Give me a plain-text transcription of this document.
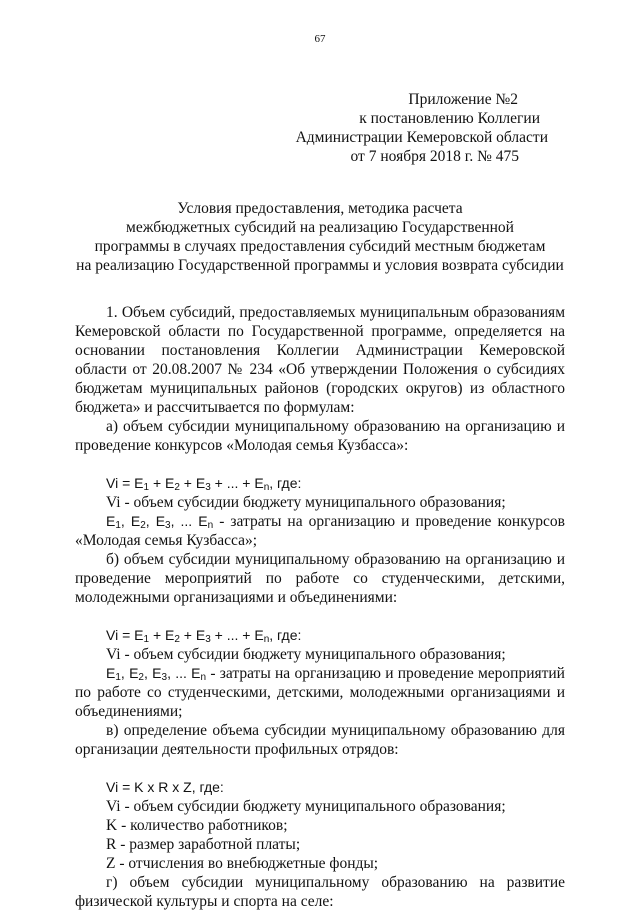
67
Приложение №2
к постановлению Коллегии
Администрации Кемеровской области
от 7 ноября 2018 г. № 475
Условия предоставления, методика расчета
межбюджетных субсидий на реализацию Государственной
программы в случаях предоставления субсидий местным бюджетам
на реализацию Государственной программы и условия возврата субсидии

1. Объем субсидий, предоставляемых муниципальным образованиям Кемеровской области по Государственной программе, определяется на основании постановления Коллегии Администрации Кемеровской области от 20.08.2007 № 234 «Об утверждении Положения о субсидиях бюджетам муниципальных районов (городских округов) из областного бюджета» и рассчитывается по формулам:

а) объем субсидии муниципальному образованию на организацию и проведение конкурсов «Молодая семья Кузбасса»:

$Vi = E_1 + E_2 + E_3$ + ... + $E_n$, где:

Vi - объем субсидии бюджету муниципального образования;

$E_1$, $E_2$, $E_3$, ... $E_n$ - затраты на организацию и проведение конкурсов «Молодая семья Кузбасса»;

б) объем субсидии муниципальному образованию на организацию и проведение мероприятий по работе со студенческими, детскими, молодежными организациями и объединениями:

$Vi = E_1 + E_2 + E_3$ + ... + $E_n$, где:

Vi - объем субсидии бюджету муниципального образования;

$E_1$, $E_2$, $E_3$, ... $E_n$ - затраты на организацию и проведение мероприятий по работе со студенческими, детскими, молодежными организациями и объединениями;

в) определение объема субсидии муниципальному образованию для организации деятельности профильных отрядов:

Vi = K x R x Z, где:

Vi - объем субсидии бюджету муниципального образования;

K - количество работников;

R - размер заработной платы;

Z - отчисления во внебюджетные фонды;

г) объем субсидии муниципальному образованию на развитие физической культуры и спорта на селе:
